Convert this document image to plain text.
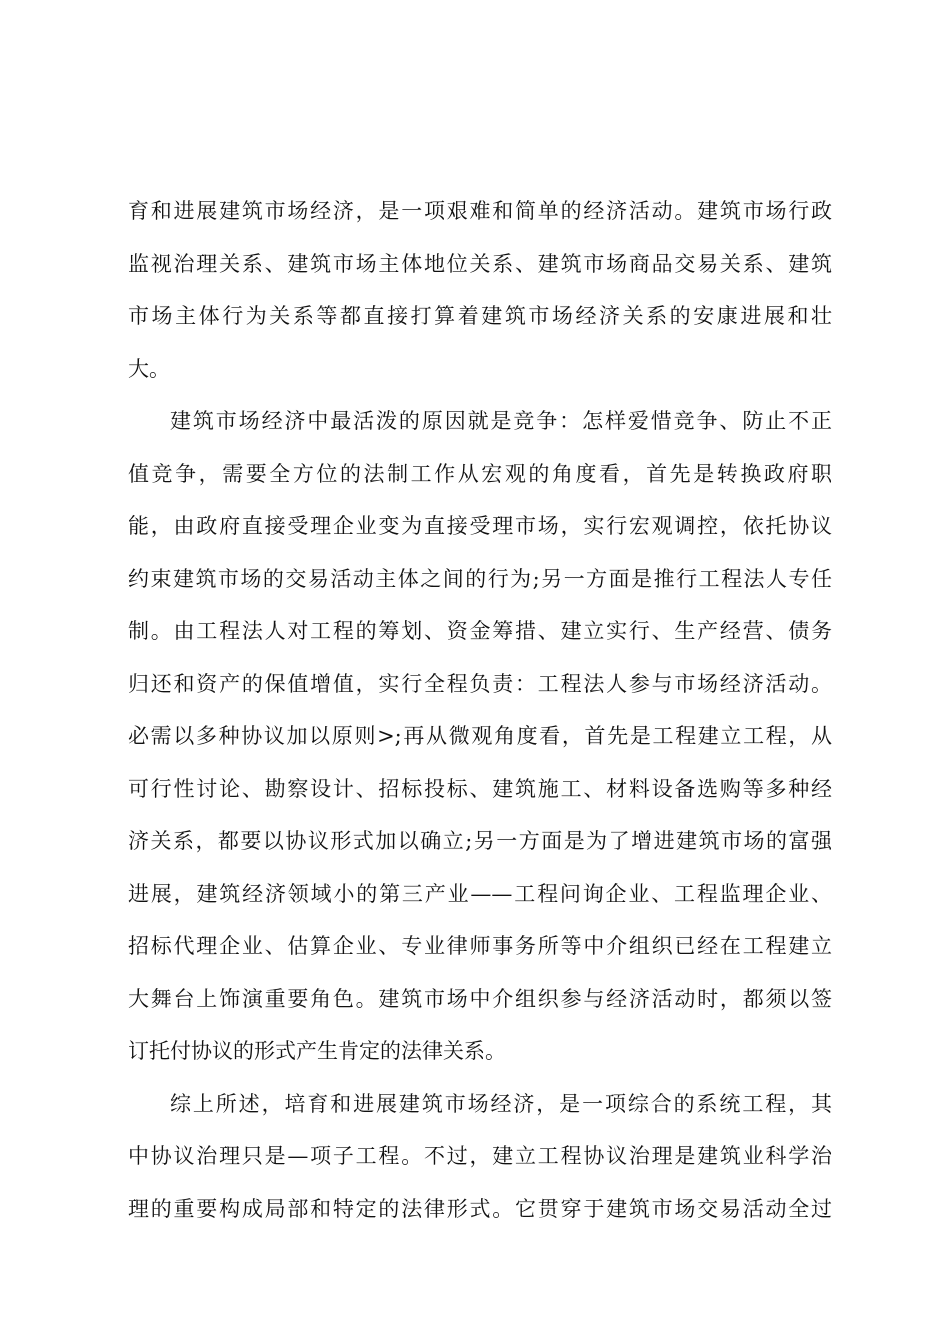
育和进展建筑市场经济，是一项艰难和简单的经济活动。建筑市场行政
监视治理关系、建筑市场主体地位关系、建筑市场商品交易关系、建筑
市场主体行为关系等都直接打算着建筑市场经济关系的安康进展和壮
大。
建筑市场经济中最活泼的原因就是竞争：怎样爱惜竞争、防止不正
值竞争，需要全方位的法制工作从宏观的角度看，首先是转换政府职
能，由政府直接受理企业变为直接受理市场，实行宏观调控，依托协议
约束建筑市场的交易活动主体之间的行为;另一方面是推行工程法人专任
制。由工程法人对工程的筹划、资金筹措、建立实行、生产经营、债务
归还和资产的保值增值，实行全程负责：工程法人参与市场经济活动。
必需以多种协议加以原则>;再从微观角度看，首先是工程建立工程，从
可行性讨论、勘察设计、招标投标、建筑施工、材料设备选购等多种经
济关系，都要以协议形式加以确立;另一方面是为了增进建筑市场的富强
进展，建筑经济领域小的第三产业——工程问询企业、工程监理企业、
招标代理企业、估算企业、专业律师事务所等中介组织已经在工程建立
大舞台上饰演重要角色。建筑市场中介组织参与经济活动时，都须以签
订托付协议的形式产生肯定的法律关系。
综上所述，培育和进展建筑市场经济，是一项综合的系统工程，其
中协议治理只是—项子工程。不过，建立工程协议治理是建筑业科学治
理的重要构成局部和特定的法律形式。它贯穿于建筑市场交易活动全过
